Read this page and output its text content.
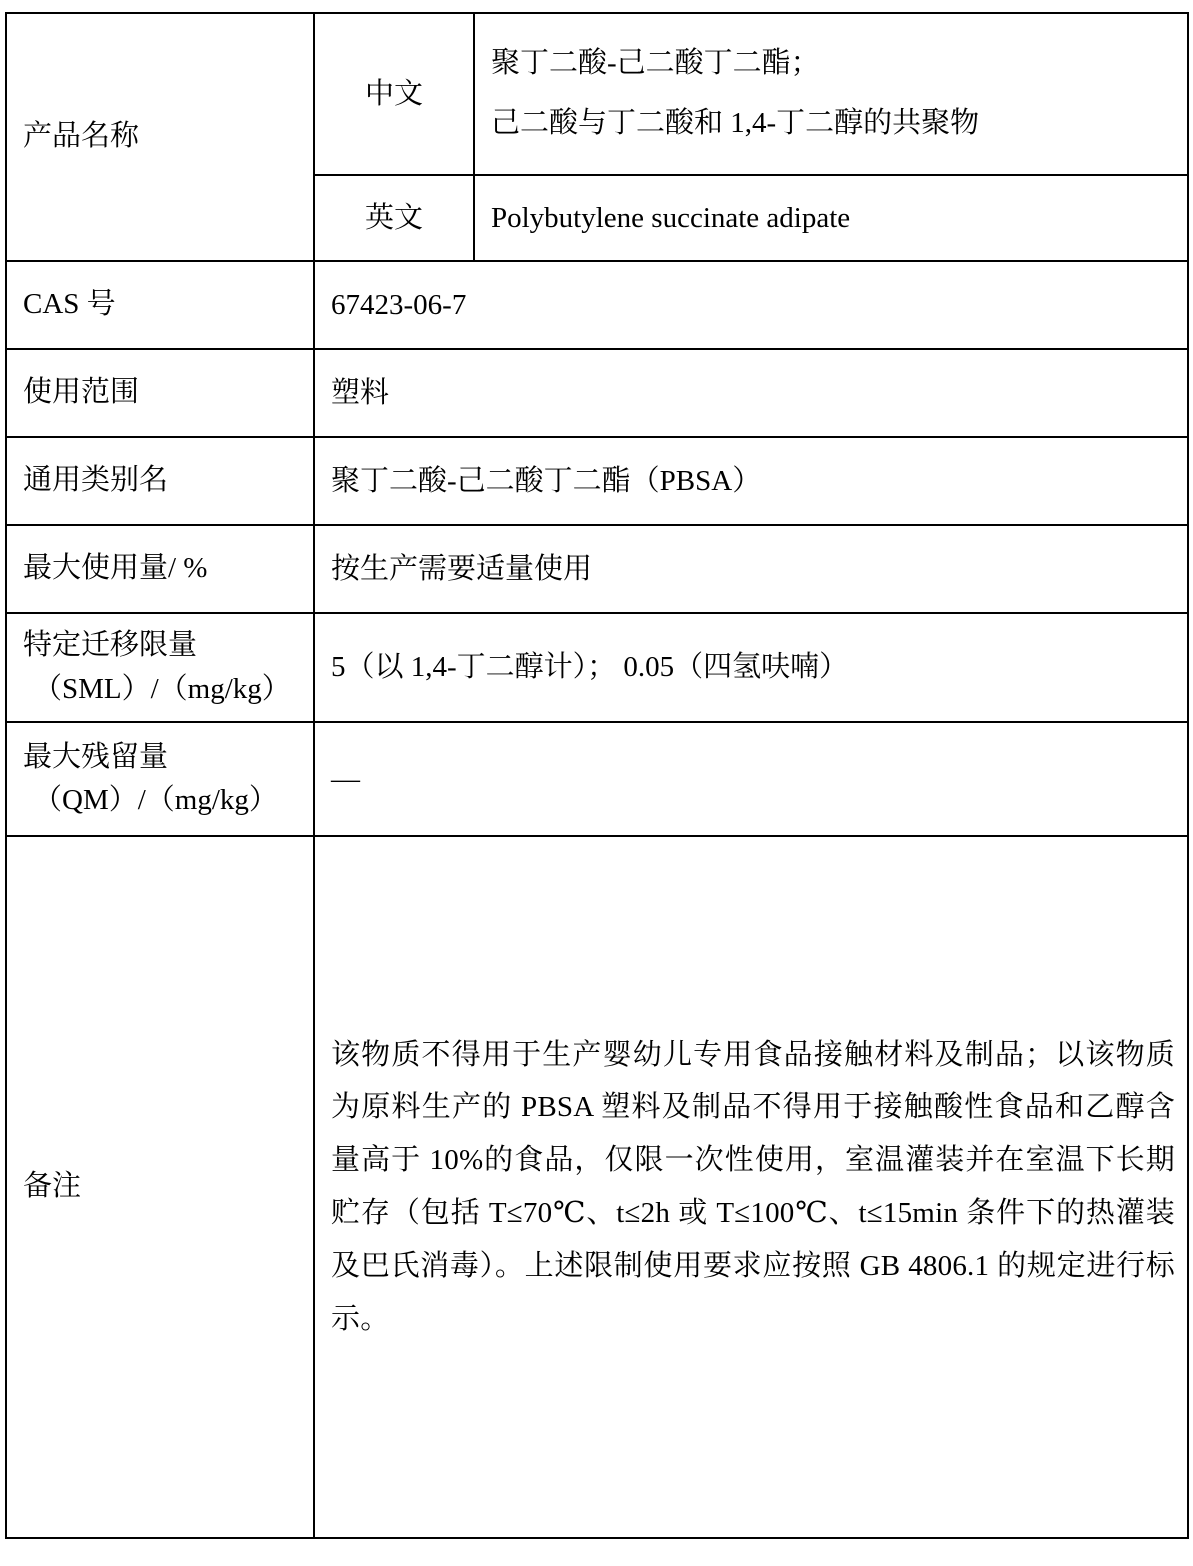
产品名称	中文	聚丁二酸-己二酸丁二酯；
己二酸与丁二酸和 1,4-丁二醇的共聚物

	英文	Polybutylene succinate adipate

CAS 号	67423-06-7	

使用范围	塑料	

通用类别名	聚丁二酸-己二酸丁二酯（PBSA）	

最大使用量/ %	按生产需要适量使用	

特定迁移限量
（SML）/（mg/kg）	5（以 1,4-丁二醇计）； 0.05（四氢呋喃）	

最大残留量
（QM）/（mg/kg）	—	

备注	该物质不得用于生产婴幼儿专用食品接触材料及制品；以该物质为原料生产的 PBSA 塑料及制品不得用于接触酸性食品和乙醇含量高于 10%的食品，仅限一次性使用，室温灌装并在室温下长期贮存（包括 T≤70℃、t≤2h 或 T≤100℃、t≤15min 条件下的热灌装及巴氏消毒）。上述限制使用要求应按照 GB 4806.1 的规定进行标示。	
